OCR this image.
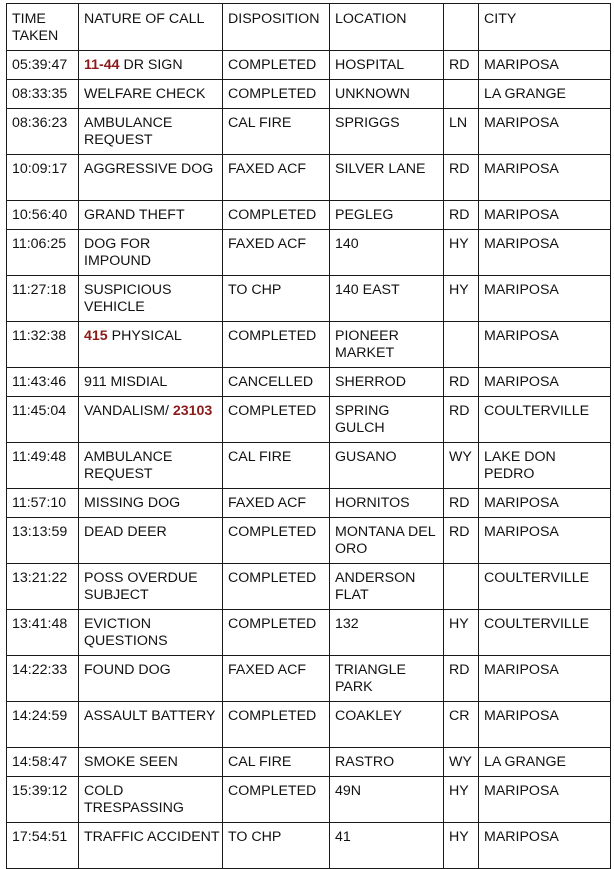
TIME TAKEN	NATURE OF CALL	DISPOSITION	LOCATION		CITY
05:39:47	11-44 DR SIGN	COMPLETED	HOSPITAL	RD	MARIPOSA
08:33:35	WELFARE CHECK	COMPLETED	UNKNOWN		LA GRANGE
08:36:23	AMBULANCE REQUEST	CAL FIRE	SPRIGGS	LN	MARIPOSA
10:09:17	AGGRESSIVE DOG	FAXED ACF	SILVER LANE	RD	MARIPOSA
10:56:40	GRAND THEFT	COMPLETED	PEGLEG	RD	MARIPOSA
11:06:25	DOG FOR IMPOUND	FAXED ACF	140	HY	MARIPOSA
11:27:18	SUSPICIOUS VEHICLE	TO CHP	140 EAST	HY	MARIPOSA
11:32:38	415 PHYSICAL	COMPLETED	PIONEER MARKET		MARIPOSA
11:43:46	911 MISDIAL	CANCELLED	SHERROD	RD	MARIPOSA
11:45:04	VANDALISM/ 23103	COMPLETED	SPRING GULCH	RD	COULTERVILLE
11:49:48	AMBULANCE REQUEST	CAL FIRE	GUSANO	WY	LAKE DON PEDRO
11:57:10	MISSING DOG	FAXED ACF	HORNITOS	RD	MARIPOSA
13:13:59	DEAD DEER	COMPLETED	MONTANA DEL ORO	RD	MARIPOSA
13:21:22	POSS OVERDUE SUBJECT	COMPLETED	ANDERSON FLAT		COULTERVILLE
13:41:48	EVICTION QUESTIONS	COMPLETED	132	HY	COULTERVILLE
14:22:33	FOUND DOG	FAXED ACF	TRIANGLE PARK	RD	MARIPOSA
14:24:59	ASSAULT BATTERY	COMPLETED	COAKLEY	CR	MARIPOSA
14:58:47	SMOKE SEEN	CAL FIRE	RASTRO	WY	LA GRANGE
15:39:12	COLD TRESPASSING	COMPLETED	49N	HY	MARIPOSA
17:54:51	TRAFFIC ACCIDENT	TO CHP	41	HY	MARIPOSA
